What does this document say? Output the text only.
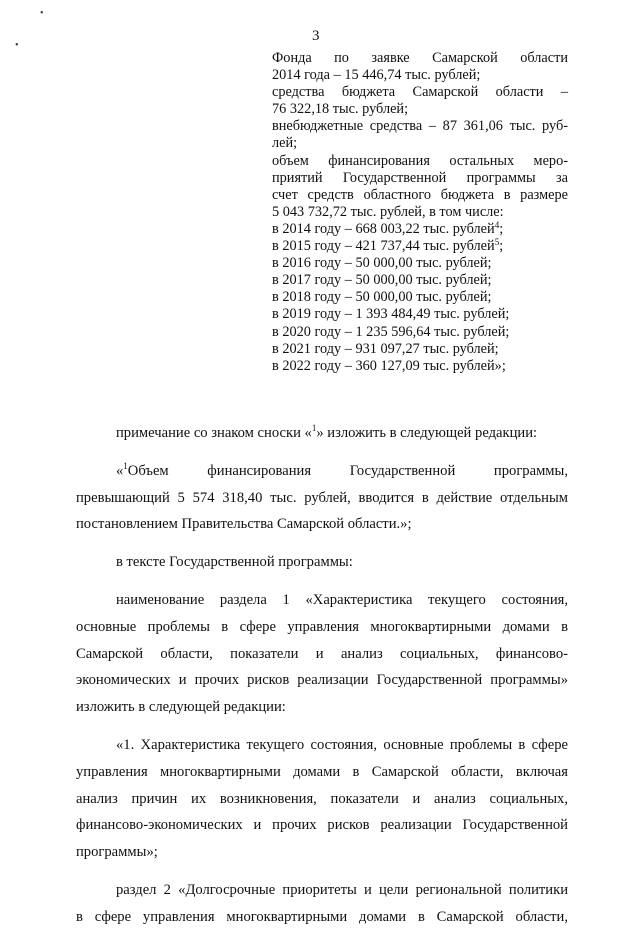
3
•
•
Фонда по заявке Самарской области
2014 года – 15 446,74 тыс. рублей;
средства бюджета Самарской области –
76 322,18 тыс. рублей;
внебюджетные средства – 87 361,06 тыс. руб-
лей;
объем финансирования остальных меро-
приятий Государственной программы за
счет средств областного бюджета в размере
5 043 732,72 тыс. рублей, в том числе:
в 2014 году – 668 003,22 тыс. рублей$^4$;
в 2015 году – 421 737,44 тыс. рублей$^5$;
в 2016 году – 50 000,00 тыс. рублей;
в 2017 году – 50 000,00 тыс. рублей;
в 2018 году – 50 000,00 тыс. рублей;
в 2019 году – 1 393 484,49 тыс. рублей;
в 2020 году – 1 235 596,64 тыс. рублей;
в 2021 году – 931 097,27 тыс. рублей;
в 2022 году – 360 127,09 тыс. рублей»;
примечание со знаком сноски «$^1$» изложить в следующей редакции:
«$^1$Объем финансирования Государственной программы,
превышающий 5 574 318,40 тыс. рублей, вводится в действие отдельным
постановлением Правительства Самарской области.»;
в тексте Государственной программы:
наименование раздела 1 «Характеристика текущего состояния,
основные проблемы в сфере управления многоквартирными домами в
Самарской области, показатели и анализ социальных, финансово-
экономических и прочих рисков реализации Государственной программы»
изложить в следующей редакции:
«1. Характеристика текущего состояния, основные проблемы в сфере
управления многоквартирными домами в Самарской области, включая
анализ причин их возникновения, показатели и анализ социальных,
финансово-экономических и прочих рисков реализации Государственной
программы»;
раздел 2 «Долгосрочные приоритеты и цели региональной политики
в сфере управления многоквартирными домами в Самарской области,
